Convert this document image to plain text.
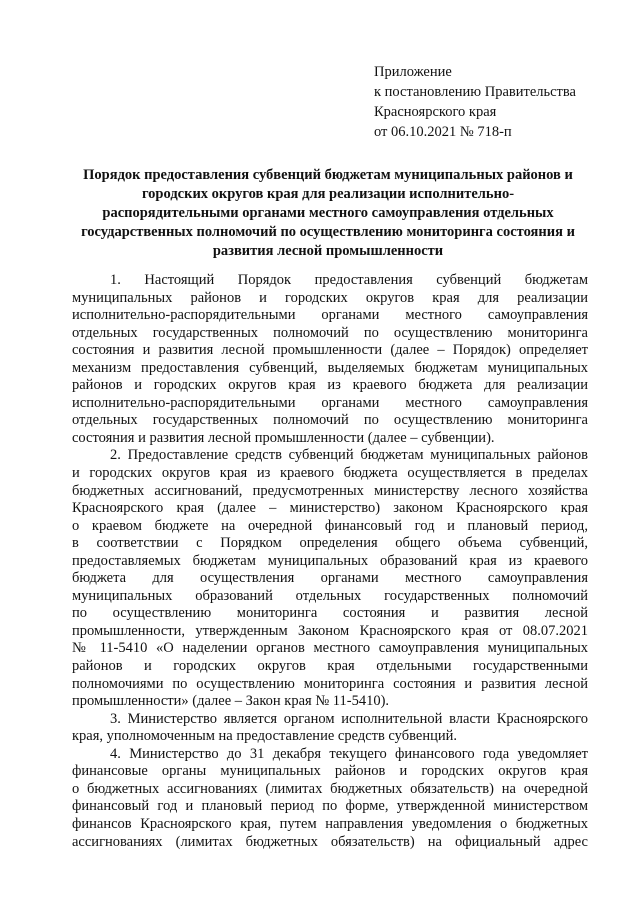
Приложение
к постановлению Правительства
Красноярского края
от 06.10.2021 № 718-п
Порядок предоставления субвенций бюджетам муниципальных районов и
городских округов края для реализации исполнительно-
распорядительными органами местного самоуправления отдельных
государственных полномочий по осуществлению мониторинга состояния и
развития лесной промышленности
1. Настоящий Порядок предоставления субвенций бюджетам
муниципальных районов и городских округов края для реализации
исполнительно-распорядительными органами местного самоуправления
отдельных государственных полномочий по осуществлению мониторинга
состояния и развития лесной промышленности (далее – Порядок) определяет
механизм предоставления субвенций, выделяемых бюджетам муниципальных
районов и городских округов края из краевого бюджета для реализации
исполнительно-распорядительными органами местного самоуправления
отдельных государственных полномочий по осуществлению мониторинга
состояния и развития лесной промышленности (далее – субвенции).
2. Предоставление средств субвенций бюджетам муниципальных районов
и городских округов края из краевого бюджета осуществляется в пределах
бюджетных ассигнований, предусмотренных министерству лесного хозяйства
Красноярского края (далее – министерство) законом Красноярского края
о краевом бюджете на очередной финансовый год и плановый период,
в соответствии с Порядком определения общего объема субвенций,
предоставляемых бюджетам муниципальных образований края из краевого
бюджета для осуществления органами местного самоуправления
муниципальных образований отдельных государственных полномочий
по осуществлению мониторинга состояния и развития лесной
промышленности, утвержденным Законом Красноярского края от 08.07.2021
№ 11-5410 «О наделении органов местного самоуправления муниципальных
районов и городских округов края отдельными государственными
полномочиями по осуществлению мониторинга состояния и развития лесной
промышленности» (далее – Закон края № 11-5410).
3. Министерство является органом исполнительной власти Красноярского
края, уполномоченным на предоставление средств субвенций.
4. Министерство до 31 декабря текущего финансового года уведомляет
финансовые органы муниципальных районов и городских округов края
о бюджетных ассигнованиях (лимитах бюджетных обязательств) на очередной
финансовый год и плановый период по форме, утвержденной министерством
финансов Красноярского края, путем направления уведомления о бюджетных
ассигнованиях (лимитах бюджетных обязательств) на официальный адрес
